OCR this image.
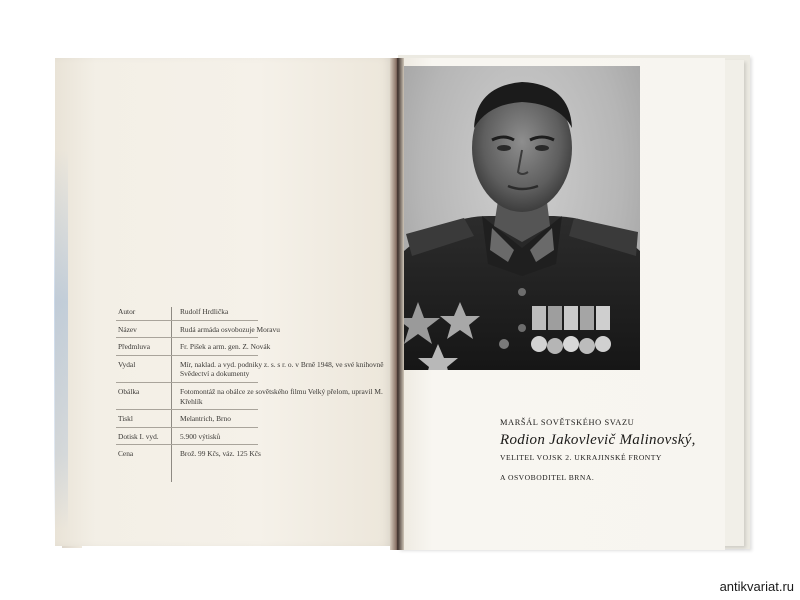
Autor	Rudolf Hrdlička
Název	Rudá armáda osvobozuje Moravu
Předmluva	Fr. Pišek a arm. gen. Z. Novák
Vydal	Mír, naklad. a vyd. podniky z. s. s r. o. v Brně 1948, ve své knihovně Svědectví a dokumenty
Obálka	Fotomontáž na obálce ze sovětského filmu Velký přelom, upravil M. Křehlík
Tiskl	Melantrich, Brno
Dotisk I. vyd.	5.900 výtisků
Cena	Brož. 99 Kčs, váz. 125 Kčs
MARŠÁL SOVĚTSKÉHO SVAZU
Rodion Jakovlevič Malinovský,
VELITEL VOJSK 2. UKRAJINSKÉ FRONTY
A OSVOBODITEL BRNA.
antikvariat.ru
